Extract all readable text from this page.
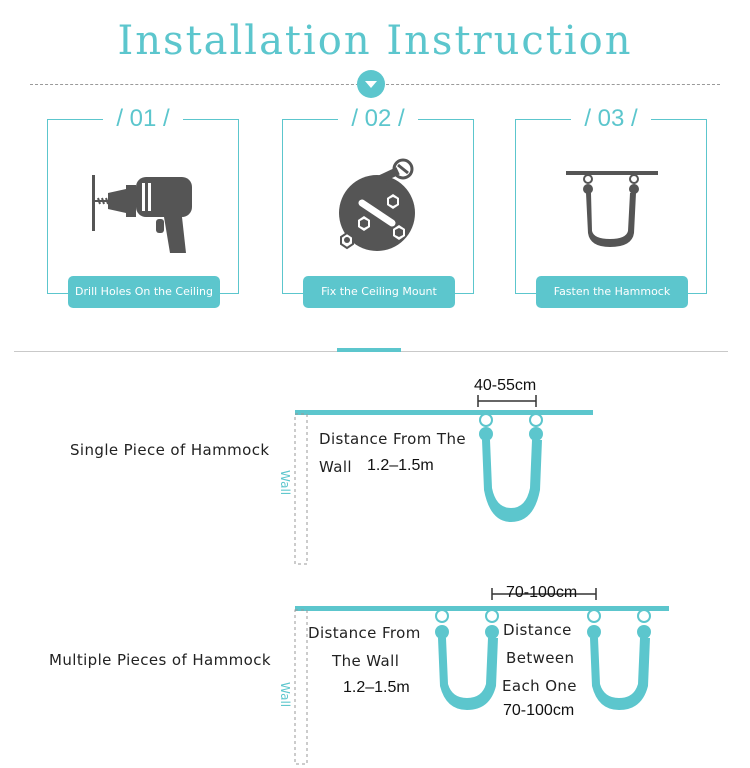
Installation Instruction
/ 01 /
Drill Holes On the Ceiling
/ 02 /
Fix the Ceiling Mount
/ 03 /
Fasten the Hammock
Single Piece of Hammock
40-55cm
Distance From The
Wall 1.2–1.5m
Wall
Multiple Pieces of Hammock
70-100cm
Distance From
The Wall
1.2–1.5m
Distance
Between
Each One
70-100cm
Wall
